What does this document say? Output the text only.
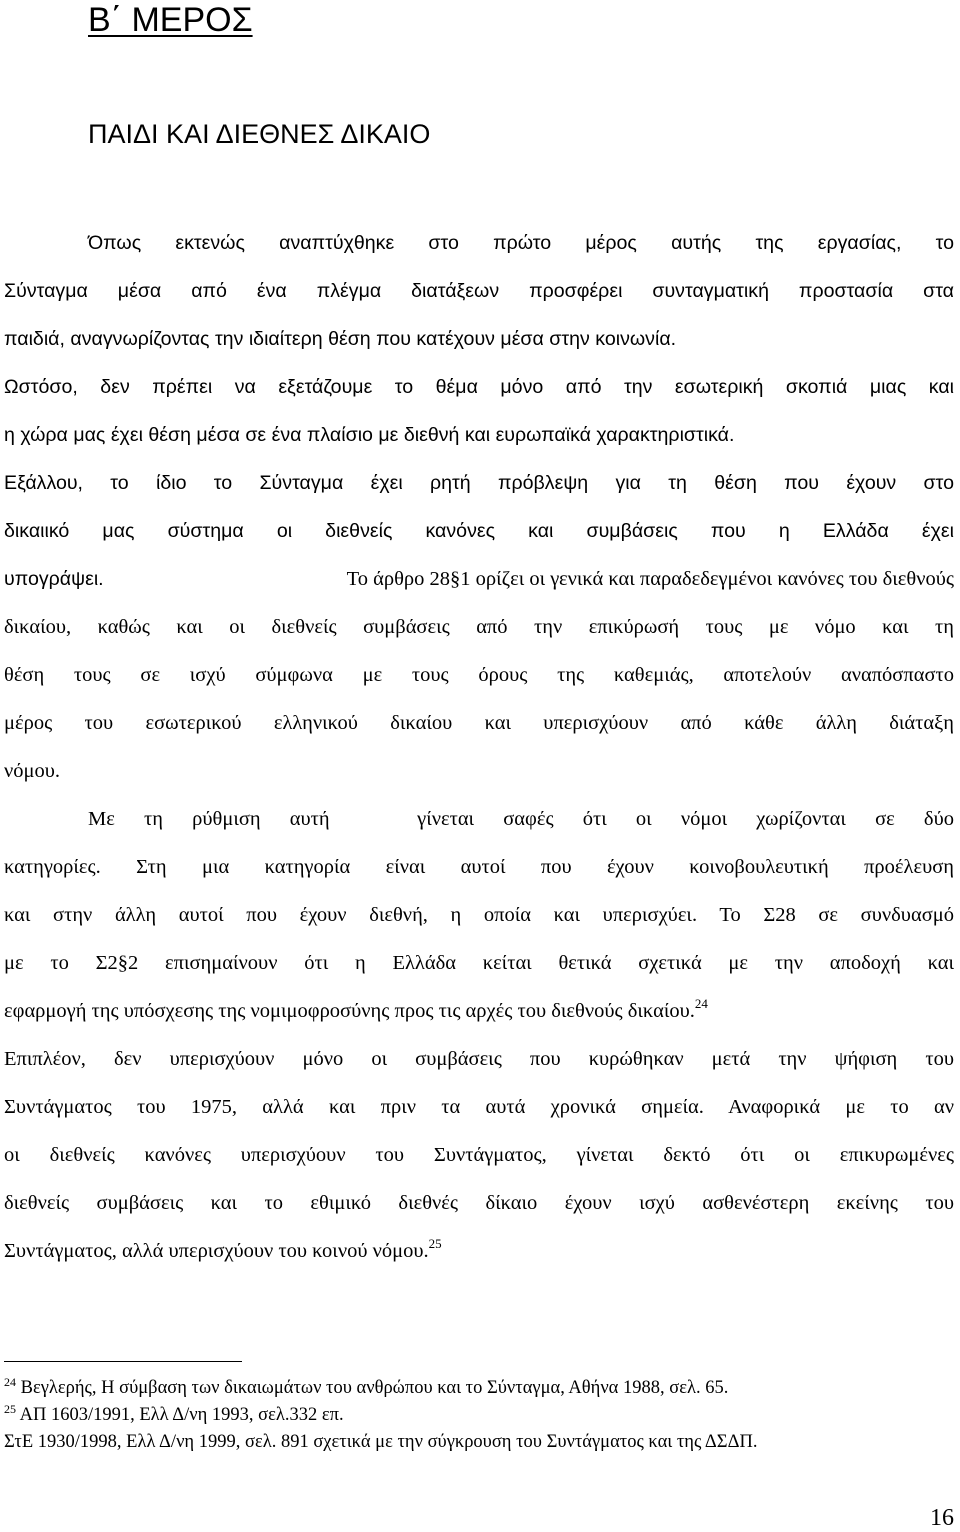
Β΄ ΜΕΡΟΣ
ΠΑΙΔΙ ΚΑΙ ΔΙΕΘΝΕΣ ΔΙΚΑΙΟ
Όπως εκτενώς αναπτύχθηκε στο πρώτο μέρος αυτής της εργασίας, το
Σύνταγμα μέσα από ένα πλέγμα διατάξεων προσφέρει συνταγματική προστασία στα
παιδιά, αναγνωρίζοντας την ιδιαίτερη θέση που κατέχουν μέσα στην κοινωνία.
Ωστόσο, δεν πρέπει να εξετάζουμε το θέμα μόνο από την εσωτερική σκοπιά μιας και
η χώρα μας έχει θέση μέσα σε ένα πλαίσιο με διεθνή και ευρωπαϊκά χαρακτηριστικά.
Εξάλλου, το ίδιο το Σύνταγμα έχει ρητή πρόβλεψη για τη θέση που έχουν στο
δικαιικό μας σύστημα οι διεθνείς κανόνες και συμβάσεις που η Ελλάδα έχει
υπογράψει.	Το άρθρο 28§1 ορίζει οι γενικά και παραδεδεγμένοι κανόνες του διεθνούς
δικαίου, καθώς και οι διεθνείς συμβάσεις από την επικύρωσή τους με νόμο και τη
θέση τους σε ισχύ σύμφωνα με τους όρους της καθεμιάς, αποτελούν αναπόσπαστο
μέρος του εσωτερικού ελληνικού δικαίου και υπερισχύουν από κάθε άλλη διάταξη
νόμου.
Με τη ρύθμιση αυτή   γίνεται σαφές ότι οι νόμοι χωρίζονται σε δύο
κατηγορίες. Στη μια κατηγορία είναι αυτοί που έχουν κοινοβουλευτική προέλευση
και στην άλλη αυτοί που έχουν διεθνή, η οποία και υπερισχύει. Το Σ28 σε συνδυασμό
με το Σ2§2 επισημαίνουν ότι η Ελλάδα κείται θετικά σχετικά με την αποδοχή και
εφαρμογή της υπόσχεσης της νομιμοφροσύνης προς τις αρχές του διεθνούς δικαίου.$^{24}$
Επιπλέον, δεν υπερισχύουν μόνο οι συμβάσεις που κυρώθηκαν μετά την ψήφιση του
Συντάγματος του 1975, αλλά και πριν τα αυτά χρονικά σημεία. Αναφορικά με το αν
οι διεθνείς κανόνες υπερισχύουν του Συντάγματος, γίνεται δεκτό ότι οι επικυρωμένες
διεθνείς συμβάσεις και το εθιμικό διεθνές δίκαιο έχουν ισχύ ασθενέστερη εκείνης του
Συντάγματος, αλλά υπερισχύουν του κοινού νόμου.$^{25}$
$^{24}$ Βεγλερής, Η σύμβαση των δικαιωμάτων του ανθρώπου και το Σύνταγμα, Αθήνα 1988, σελ. 65.
$^{25}$ ΑΠ 1603/1991, Ελλ Δ/νη 1993, σελ.332 επ.
ΣτΕ 1930/1998, Ελλ Δ/νη 1999, σελ. 891 σχετικά με την σύγκρουση του Συντάγματος και της ΔΣΔΠ.
16
